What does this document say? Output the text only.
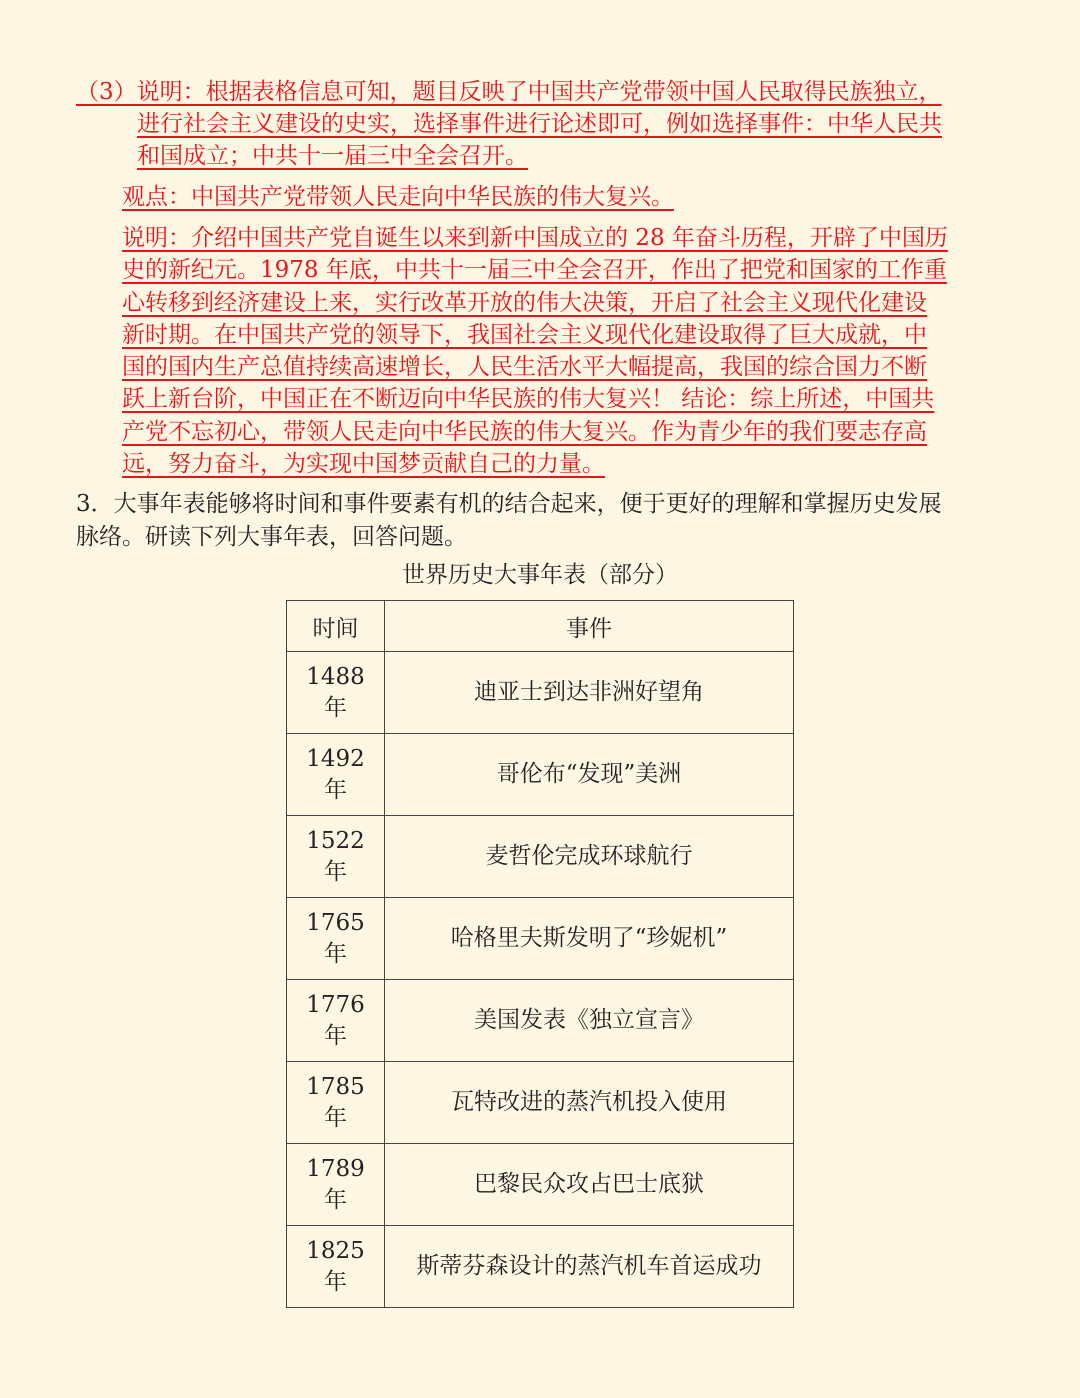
（3）说明：根据表格信息可知，题目反映了中国共产党带领中国人民取得民族独立，
进行社会主义建设的史实，选择事件进行论述即可，例如选择事件：中华人民共
和国成立；中共十一届三中全会召开。
观点：中国共产党带领人民走向中华民族的伟大复兴。

说明：介绍中国共产党自诞生以来到新中国成立的 28 年奋斗历程，开辟了中国历

史的新纪元。1978 年底，中共十一届三中全会召开，作出了把党和国家的工作重

心转移到经济建设上来，实行改革开放的伟大决策，开启了社会主义现代化建设

新时期。在中国共产党的领导下，我国社会主义现代化建设取得了巨大成就，中

国的国内生产总值持续高速增长，人民生活水平大幅提高，我国的综合国力不断

跃上新台阶，中国正在不断迈向中华民族的伟大复兴！ 结论：综上所述，中国共

产党不忘初心，带领人民走向中华民族的伟大复兴。作为青少年的我们要志存高

远，努力奋斗，为实现中国梦贡献自己的力量。

3．大事年表能够将时间和事件要素有机的结合起来，便于更好的理解和掌握历史发展

脉络。研读下列大事年表，回答问题。

世界历史大事年表（部分）
时间	事件
1488
年	迪亚士到达非洲好望角
1492
年	哥伦布“发现”美洲
1522
年	麦哲伦完成环球航行
1765
年	哈格里夫斯发明了“珍妮机”
1776
年	美国发表《独立宣言》
1785
年	瓦特改进的蒸汽机投入使用
1789
年	巴黎民众攻占巴士底狱
1825
年	斯蒂芬森设计的蒸汽机车首运成功
